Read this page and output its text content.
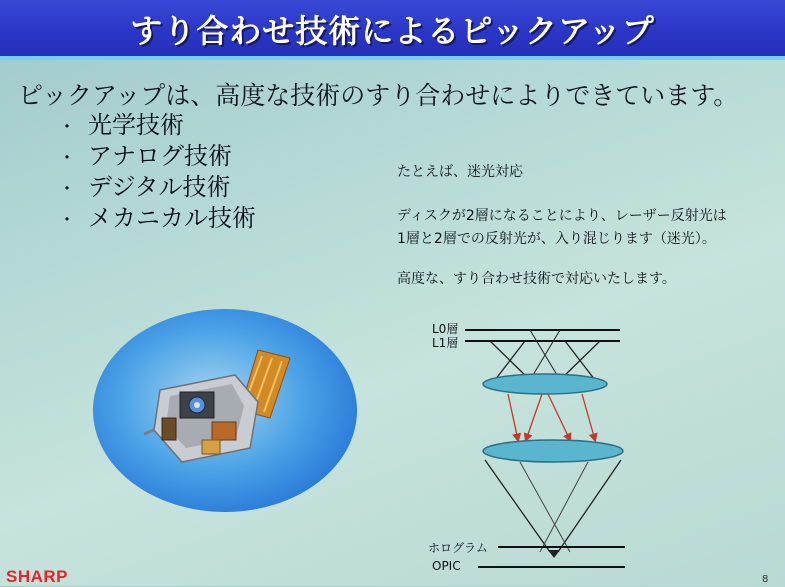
すり合わせ技術によるピックアップ
ピックアップは、高度な技術のすり合わせによりできています。
・ 光学技術
・ アナログ技術
・ デジタル技術
・ メカニカル技術
たとえば、迷光対応
ディスクが2層になることにより、レーザー反射光は
1層と2層での反射光が、入り混じります（迷光）。
高度な、すり合わせ技術で対応いたします。
L0層
L1層
ホログラム
OPIC
SHARP	8
